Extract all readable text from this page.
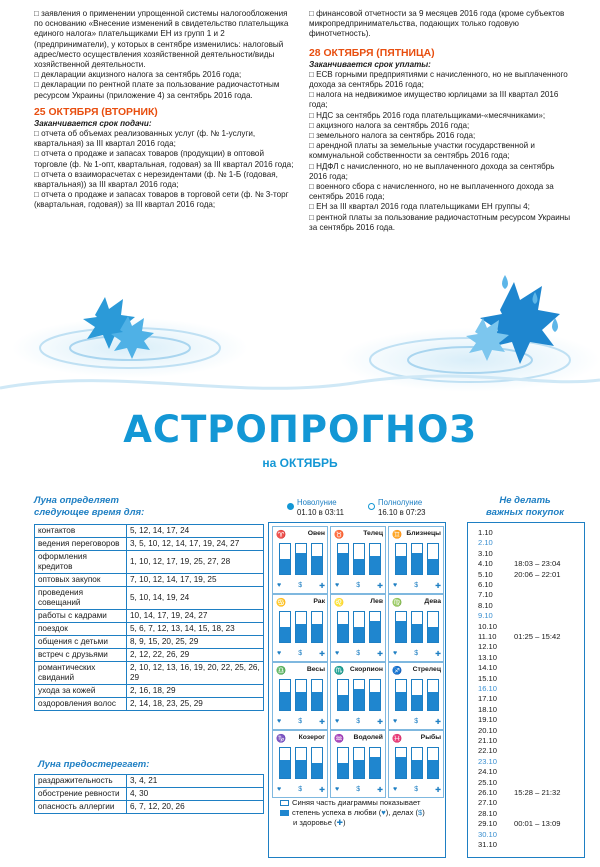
□ заявления о применении упрощенной системы налогообложения по основанию «Внесение изменений в свидетельство плательщика единого налога» плательщиками ЕН из групп 1 и 2 (предприниматели), у которых в сентябре изменились: налоговый адрес/место осуществления хозяйственной деятельности/виды хозяйственной деятельности.
□ декларации акцизного налога за сентябрь 2016 года;
□ декларации по рентной плате за пользование радиочастотным ресурсом Украины (приложение 4) за сентябрь 2016 года.
25 ОКТЯБРЯ (ВТОРНИК)
Заканчивается срок подачи:
□ отчета об объемах реализованных услуг (ф. № 1-услуги, квартальная) за III квартал 2016 года;
□ отчета о продаже и запасах товаров (продукции) в оптовой торговле (ф. № 1-опт, квартальная, годовая) за III квартал 2016 года;
□ отчета о взаиморасчетах с нерезидентами (ф. № 1-Б (годовая, квартальная)) за III квартал 2016 года;
□ отчета о продаже и запасах товаров в торговой сети (ф. № 3-торг (квартальная, годовая)) за III квартал 2016 года;
□ финансовой отчетности за 9 месяцев 2016 года (кроме субъектов микропредпринимательства, подающих только годовую финотчетность).
28 ОКТЯБРЯ (ПЯТНИЦА)
Заканчивается срок уплаты:
□ ЕСВ горными предприятиями с начисленного, но не выплаченного дохода за сентябрь 2016 года;
□ налога на недвижимое имущество юрлицами за III квартал 2016 года;
□ НДС за сентябрь 2016 года плательщиками-«месячниками»;
□ акцизного налога за сентябрь 2016 года;
□ земельного налога за сентябрь 2016 года;
□ арендной платы за земельные участки государственной и коммунальной собственности за сентябрь 2016 года;
□ НДФЛ с начисленного, но не выплаченного дохода за сентябрь 2016 года;
□ военного сбора с начисленного, но не выплаченного дохода за сентябрь 2016 года;
□ ЕН за III квартал 2016 года плательщиками ЕН группы 4;
□ рентной платы за пользование радиочастотным ресурсом Украины за сентябрь 2016 года.
АСТРОПРОГНОЗ
на ОКТЯБРЬ
Луна определяет
следующее время для:
контактов	5, 12, 14, 17, 24
ведения переговоров	3, 5, 10, 12, 14, 17, 19, 24, 27
оформления кредитов	1, 10, 12, 17, 19, 25, 27, 28
оптовых закупок	7, 10, 12, 14, 17, 19, 25
проведения совещаний	5, 10, 14, 19, 24
работы с кадрами	10, 14, 17, 19, 24, 27
поездок	5, 6, 7, 12, 13, 14, 15, 18, 23
общения с детьми	8, 9, 15, 20, 25, 29
встреч с друзьями	2, 12, 22, 26, 29
романтических свиданий	2, 10, 12, 13, 16, 19, 20, 22, 25, 26, 29
ухода за кожей	2, 16, 18, 29
оздоровления волос	2, 14, 18, 23, 25, 29
Луна предостерегает:
раздражительность	3, 4, 21
обострение ревности	4, 30
опасность аллергии	6, 7, 12, 20, 26
Новолуние
01.10 в 03:11
Полнолуние
16.10 в 07:23
♈	Овен
♥ $ ✚
♉	Телец
♥ $ ✚
♊ Близнецы
♥ $ ✚
♋	Рак
♥ $ ✚
♌	Лев
♥ $ ✚
♍	Дева
♥ $ ✚
♎	Весы
♥ $ ✚
♏ Скорпион
♥ $ ✚
♐ Стрелец
♥ $ ✚
♑ Козерог
♥ $ ✚
♒ Водолей
♥ $ ✚
♓	Рыбы
♥ $ ✚
Синяя часть диаграммы показывает
степень успеха в любви (♥), делах ($)
и здоровье (✚)
Не делать
важных покупок
1.10
2.10
3.10
4.10	18:03 – 23:04
5.10	20:06 – 22:01
6.10
7.10
8.10
9.10
10.10
11.10 01:25 – 15:42
12.10
13.10
14.10
15.10
16.10
17.10
18.10
19.10
20.10
21.10
22.10
23.10
24.10
25.10
26.10 15:28 – 21:32
27.10
28.10
29.10 00:01 – 13:09
30.10
31.10
